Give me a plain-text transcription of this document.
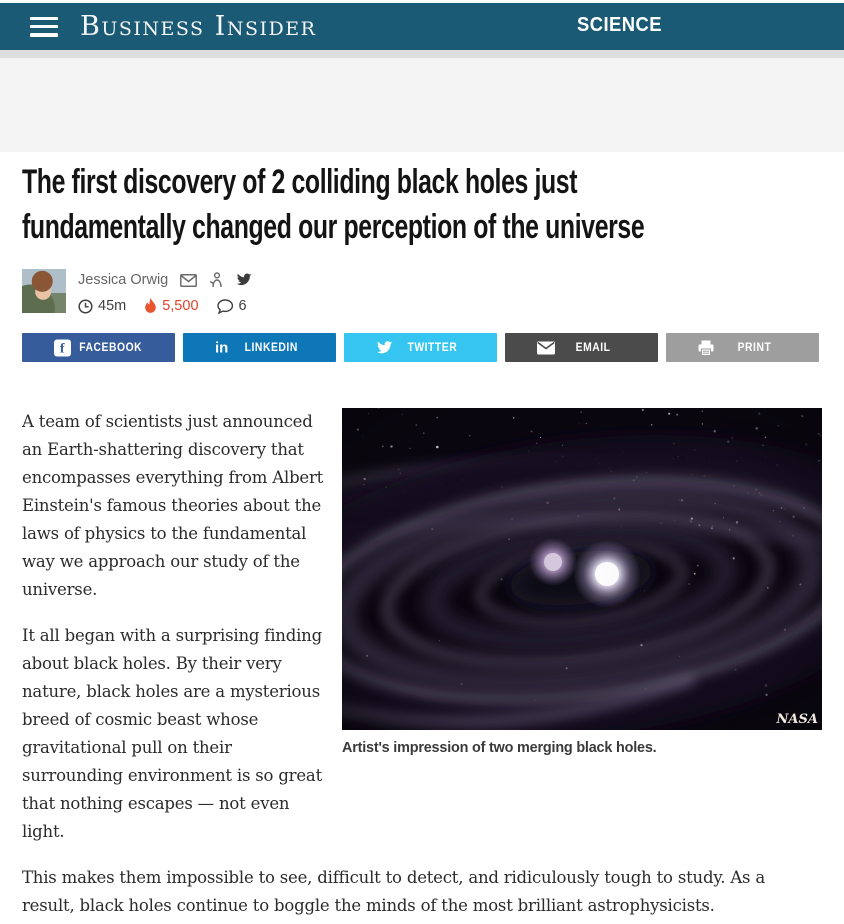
Business Insider	SCIENCE
The first discovery of 2 colliding black holes just
fundamentally changed our perception of the universe
Jessica Orwig
45m 5,500	6
f	FACEBOOK	in	LINKEDIN	TWITTER	EMAIL	PRINT
NASA
Artist's impression of two merging black holes.

A team of scientists just announced an Earth-shattering discovery that encompasses everything from Albert Einstein's famous theories about the laws of physics to the fundamental way we approach our study of the universe.

It all began with a surprising finding about black holes. By their very nature, black holes are a mysterious breed of cosmic beast whose gravitational pull on their surrounding environment is so great that nothing escapes — not even light.

This makes them impossible to see, difficult to detect, and ridiculously tough to study. As a result, black holes continue to boggle the minds of the most brilliant astrophysicists.
